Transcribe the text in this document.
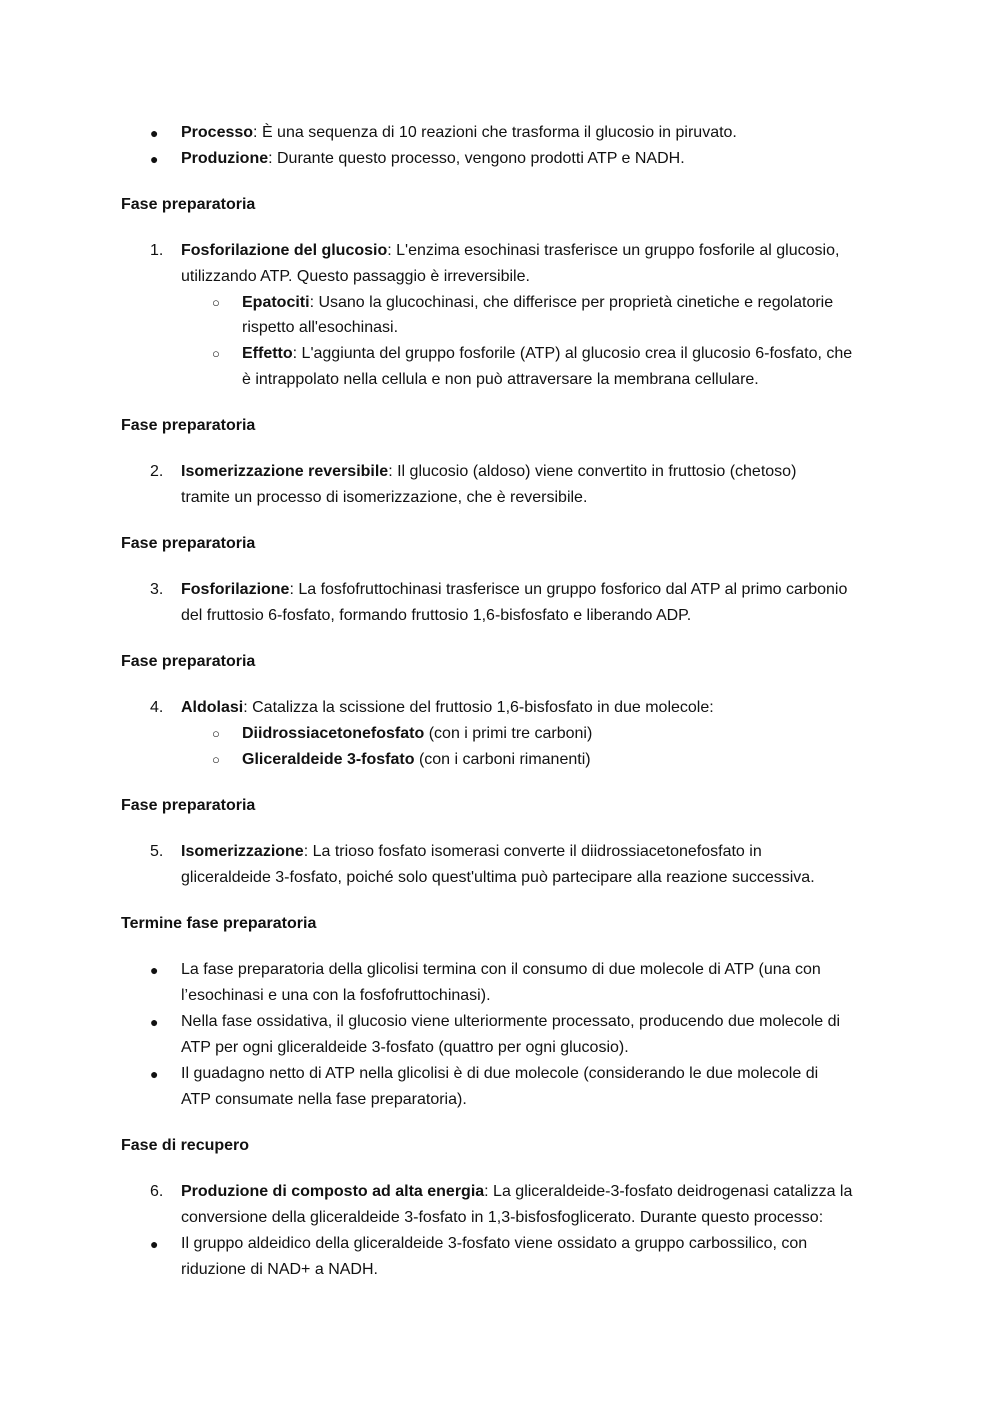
● Processo: È una sequenza di 10 reazioni che trasforma il glucosio in piruvato.
● Produzione: Durante questo processo, vengono prodotti ATP e NADH.
Fase preparatoria
1. Fosforilazione del glucosio: L'enzima esochinasi trasferisce un gruppo fosforile al glucosio,
utilizzando ATP. Questo passaggio è irreversibile.
○ Epatociti: Usano la glucochinasi, che differisce per proprietà cinetiche e regolatorie
rispetto all'esochinasi.
○ Effetto: L'aggiunta del gruppo fosforile (ATP) al glucosio crea il glucosio 6-fosfato, che
è intrappolato nella cellula e non può attraversare la membrana cellulare.
Fase preparatoria
2. Isomerizzazione reversibile: Il glucosio (aldoso) viene convertito in fruttosio (chetoso)
tramite un processo di isomerizzazione, che è reversibile.
Fase preparatoria
3. Fosforilazione: La fosfofruttochinasi trasferisce un gruppo fosforico dal ATP al primo carbonio
del fruttosio 6-fosfato, formando fruttosio 1,6-bisfosfato e liberando ADP.
Fase preparatoria
4. Aldolasi: Catalizza la scissione del fruttosio 1,6-bisfosfato in due molecole:
○ Diidrossiacetonefosfato (con i primi tre carboni)
○ Gliceraldeide 3-fosfato (con i carboni rimanenti)
Fase preparatoria
5. Isomerizzazione: La trioso fosfato isomerasi converte il diidrossiacetonefosfato in
gliceraldeide 3-fosfato, poiché solo quest'ultima può partecipare alla reazione successiva.
Termine fase preparatoria
● La fase preparatoria della glicolisi termina con il consumo di due molecole di ATP (una con
l’esochinasi e una con la fosfofruttochinasi).
● Nella fase ossidativa, il glucosio viene ulteriormente processato, producendo due molecole di
ATP per ogni gliceraldeide 3-fosfato (quattro per ogni glucosio).
● Il guadagno netto di ATP nella glicolisi è di due molecole (considerando le due molecole di
ATP consumate nella fase preparatoria).
Fase di recupero
6. Produzione di composto ad alta energia: La gliceraldeide-3-fosfato deidrogenasi catalizza la
conversione della gliceraldeide 3-fosfato in 1,3-bisfosfoglicerato. Durante questo processo:
● Il gruppo aldeidico della gliceraldeide 3-fosfato viene ossidato a gruppo carbossilico, con
riduzione di NAD+ a NADH.
